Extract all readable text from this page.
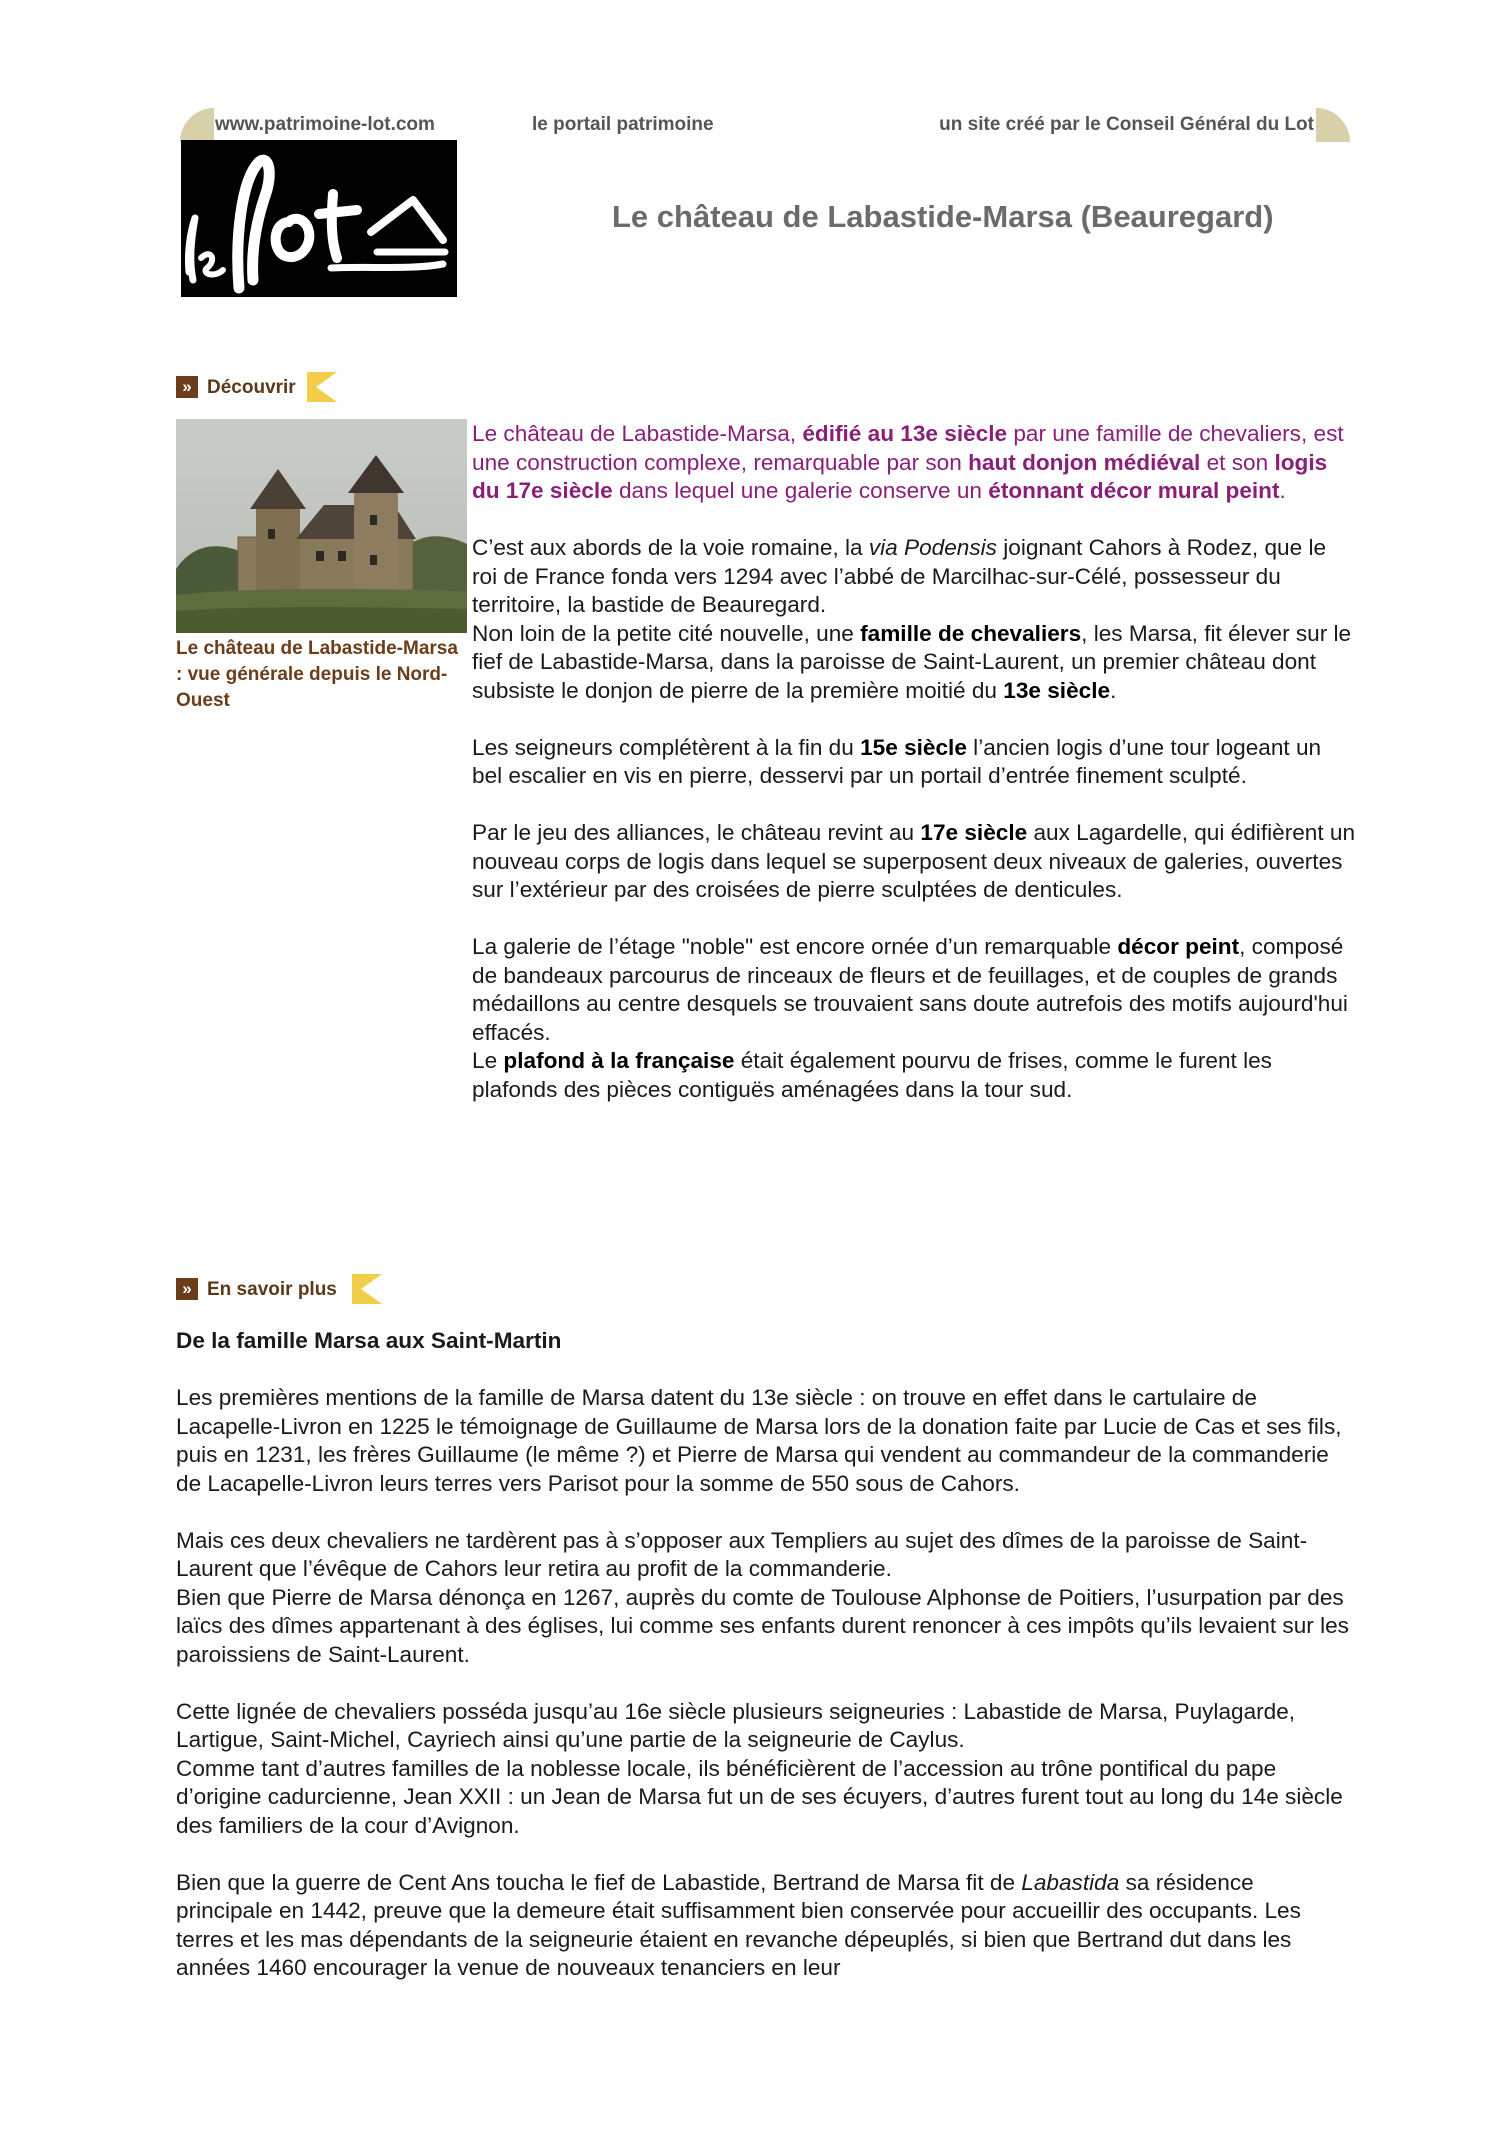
www.patrimoine-lot.com	le portail patrimoine	un site créé par le Conseil Général du Lot
Le château de Labastide-Marsa (Beauregard)
» Découvrir
Le château de Labastide-Marsa : vue générale depuis le Nord-Ouest

Le château de Labastide-Marsa, édifié au 13e siècle par une famille de chevaliers, est une construction complexe, remarquable par son haut donjon médiéval et son logis du 17e siècle dans lequel une galerie conserve un étonnant décor mural peint.

C’est aux abords de la voie romaine, la via Podensis joignant Cahors à Rodez, que le roi de France fonda vers 1294 avec l’abbé de Marcilhac-sur-Célé, possesseur du territoire, la bastide de Beauregard.
Non loin de la petite cité nouvelle, une famille de chevaliers, les Marsa, fit élever sur le fief de Labastide-Marsa, dans la paroisse de Saint-Laurent, un premier château dont subsiste le donjon de pierre de la première moitié du 13e siècle.

Les seigneurs complétèrent à la fin du 15e siècle l’ancien logis d’une tour logeant un bel escalier en vis en pierre, desservi par un portail d’entrée finement sculpté.

Par le jeu des alliances, le château revint au 17e siècle aux Lagardelle, qui édifièrent un nouveau corps de logis dans lequel se superposent deux niveaux de galeries, ouvertes sur l’extérieur par des croisées de pierre sculptées de denticules.

La galerie de l’étage "noble" est encore ornée d’un remarquable décor peint, composé de bandeaux parcourus de rinceaux de fleurs et de feuillages, et de couples de grands médaillons au centre desquels se trouvaient sans doute autrefois des motifs aujourd'hui effacés.
Le plafond à la française était également pourvu de frises, comme le furent les plafonds des pièces contiguës aménagées dans la tour sud.

» En savoir plus

De la famille Marsa aux Saint-Martin

Les premières mentions de la famille de Marsa datent du 13e siècle : on trouve en effet dans le cartulaire de Lacapelle-Livron en 1225 le témoignage de Guillaume de Marsa lors de la donation faite par Lucie de Cas et ses fils, puis en 1231, les frères Guillaume (le même ?) et Pierre de Marsa qui vendent au commandeur de la commanderie de Lacapelle-Livron leurs terres vers Parisot pour la somme de 550 sous de Cahors.

Mais ces deux chevaliers ne tardèrent pas à s’opposer aux Templiers au sujet des dîmes de la paroisse de Saint-Laurent que l’évêque de Cahors leur retira au profit de la commanderie.
Bien que Pierre de Marsa dénonça en 1267, auprès du comte de Toulouse Alphonse de Poitiers, l’usurpation par des laïcs des dîmes appartenant à des églises, lui comme ses enfants durent renoncer à ces impôts qu’ils levaient sur les paroissiens de Saint-Laurent.

Cette lignée de chevaliers posséda jusqu’au 16e siècle plusieurs seigneuries : Labastide de Marsa, Puylagarde, Lartigue, Saint-Michel, Cayriech ainsi qu’une partie de la seigneurie de Caylus.
Comme tant d’autres familles de la noblesse locale, ils bénéficièrent de l’accession au trône pontifical du pape d’origine cadurcienne, Jean XXII : un Jean de Marsa fut un de ses écuyers, d’autres furent tout au long du 14e siècle des familiers de la cour d’Avignon.

Bien que la guerre de Cent Ans toucha le fief de Labastide, Bertrand de Marsa fit de Labastida sa résidence principale en 1442, preuve que la demeure était suffisamment bien conservée pour accueillir des occupants. Les terres et les mas dépendants de la seigneurie étaient en revanche dépeuplés, si bien que Bertrand dut dans les années 1460 encourager la venue de nouveaux tenanciers en leur
